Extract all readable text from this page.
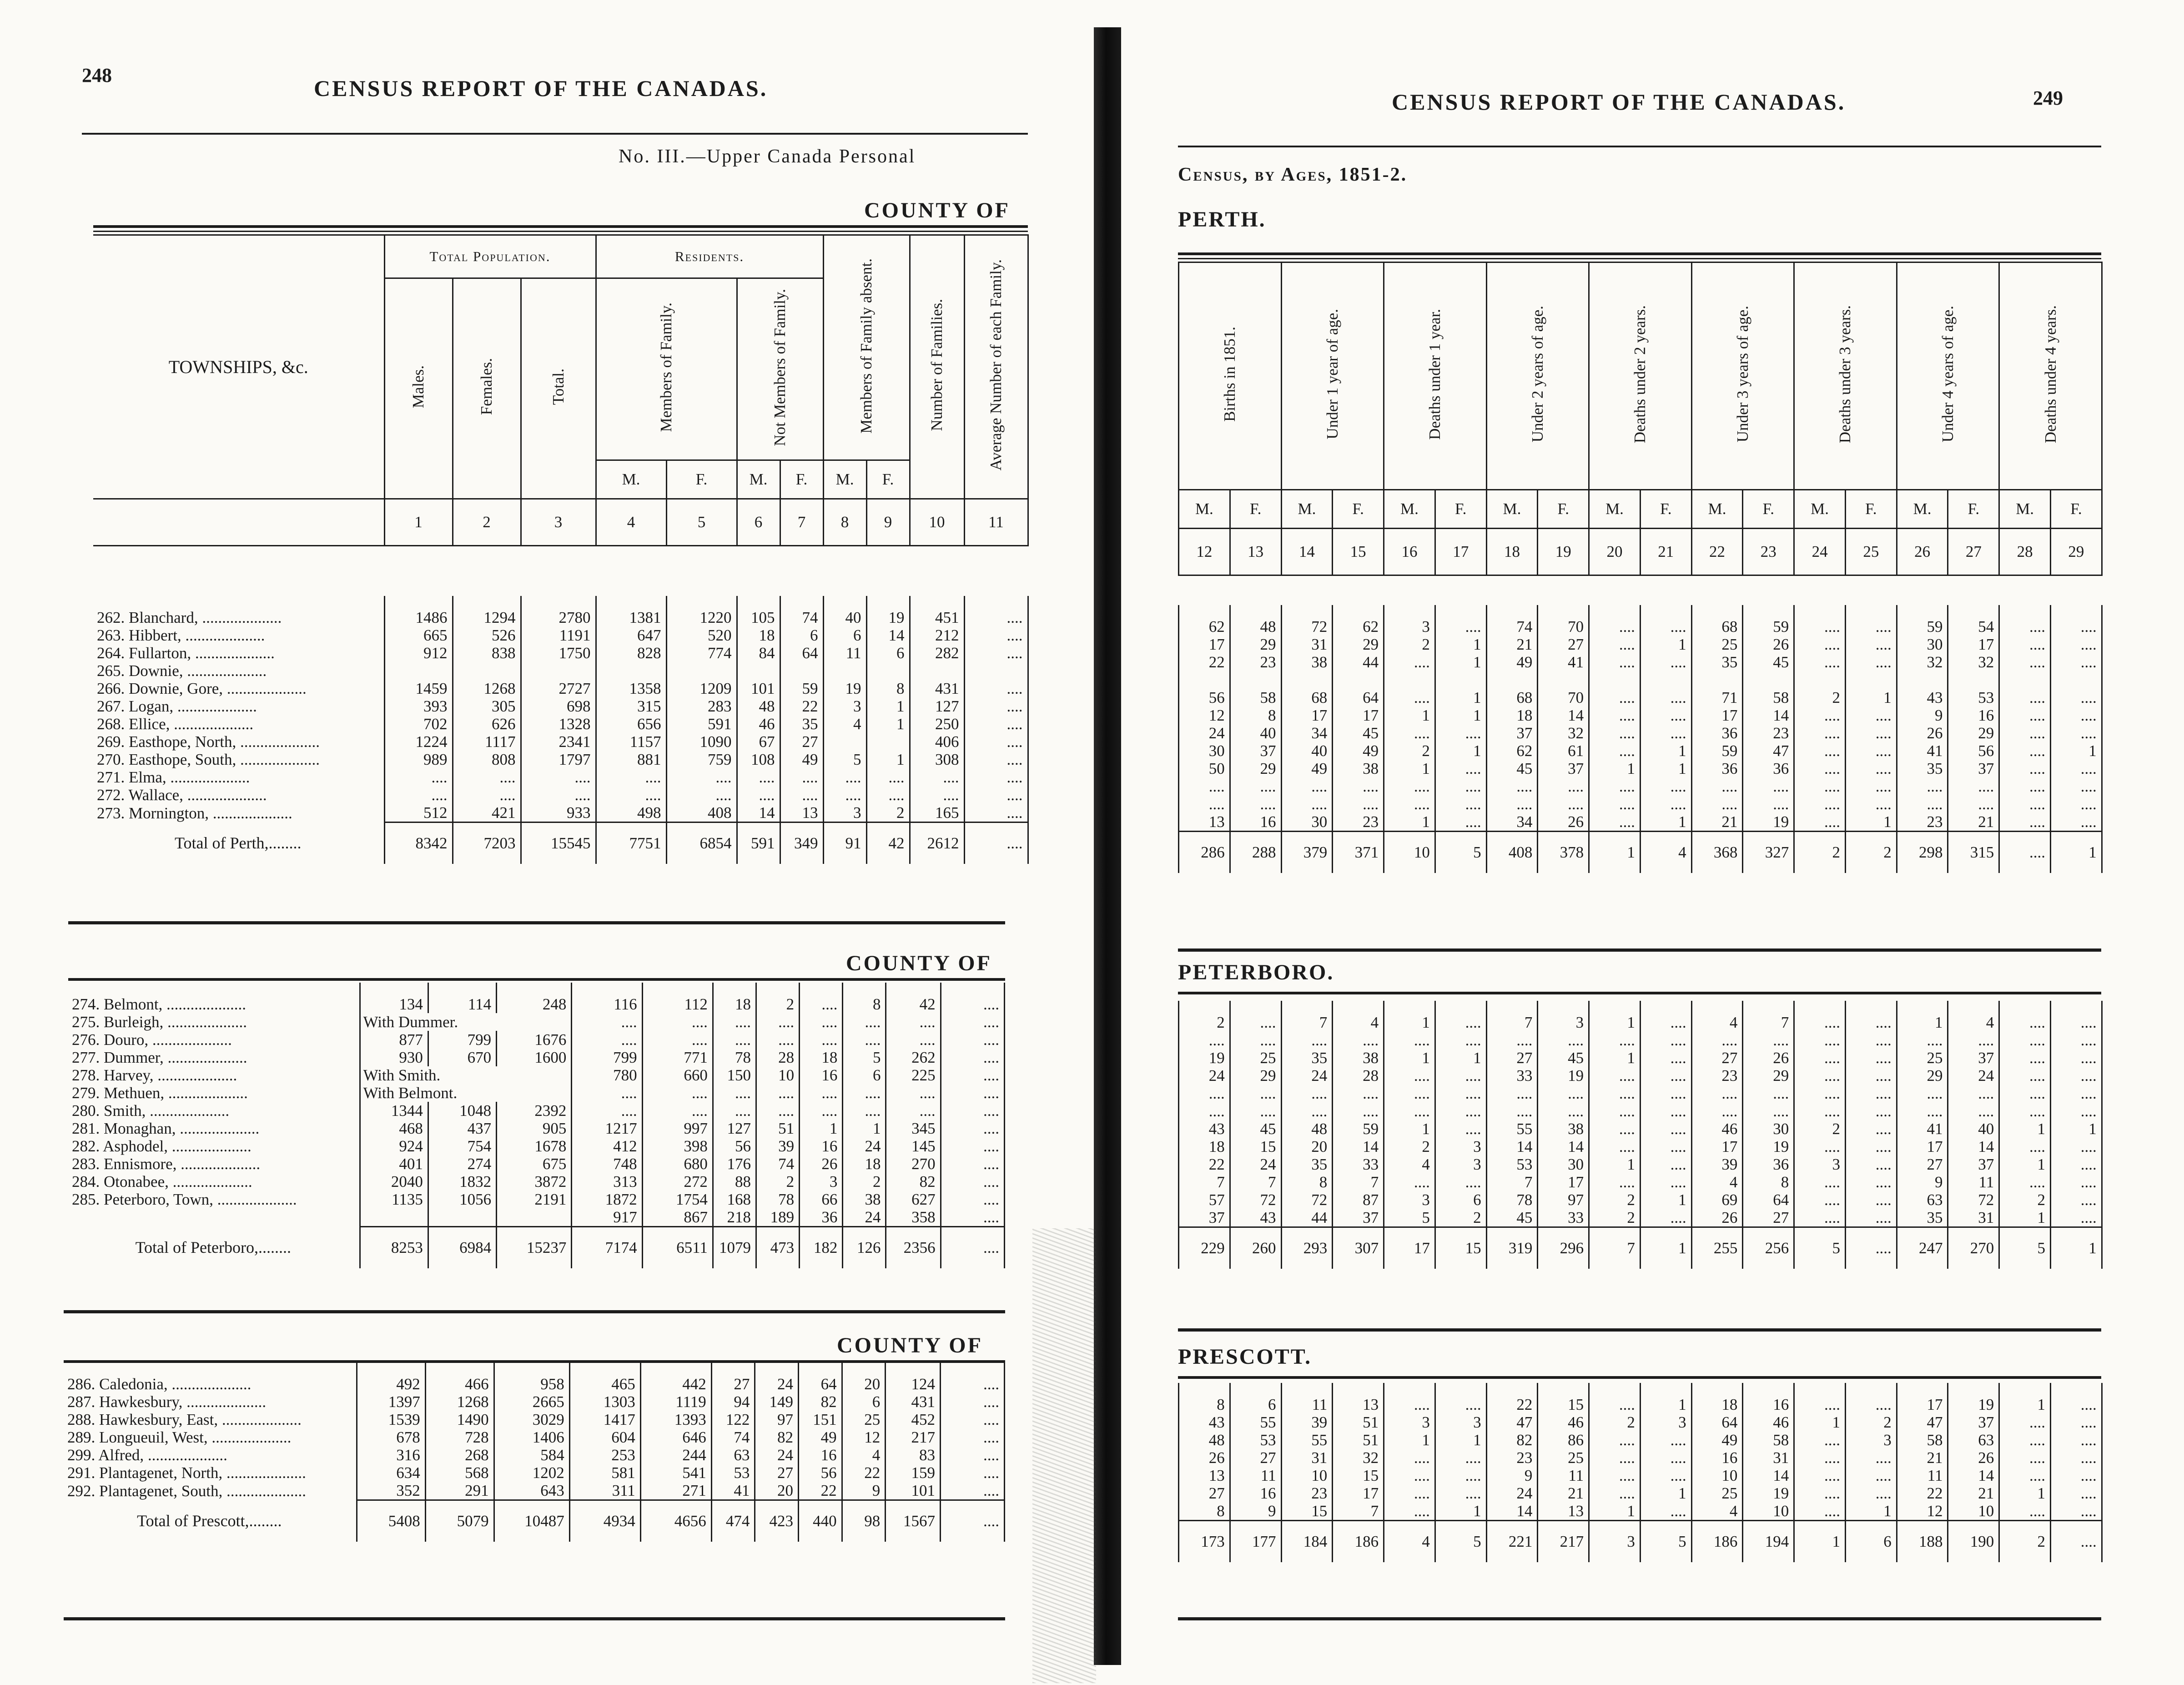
248
CENSUS REPORT OF THE CANADAS.
No. III.—Upper Canada Personal
COUNTY OF
TOWNSHIPS, &c.	Total Population.			Residents.				Members of Family absent.		Number of Families.	Average Number of each Family.
	Males.	Females.	Total.	Members of Family.		Not Members of Family.					
				M.	F.	M.	F.	M.	F.		
	1	2	3	4	5	6	7	8	9	10	11
262. Blanchard, ....................	1486	1294	2780	1381	1220	105	74	40	19	451	....
263. Hibbert, ....................	665	526	1191	647	520	18	6	6	14	212	....
264. Fullarton, ....................	912	838	1750	828	774	84	64	11	6	282	....
265. Downie, ....................											
266. Downie, Gore, ....................	1459	1268	2727	1358	1209	101	59	19	8	431	....
267. Logan, ....................	393	305	698	315	283	48	22	3	1	127	....
268. Ellice, ....................	702	626	1328	656	591	46	35	4	1	250	....
269. Easthope, North, ....................	1224	1117	2341	1157	1090	67	27			406	....
270. Easthope, South, ....................	989	808	1797	881	759	108	49	5	1	308	....
271. Elma, ....................	....	....	....	....	....	....	....	....	....	....	....
272. Wallace, ....................	....	....	....	....	....	....	....	....	....	....	....
273. Mornington, ....................	512	421	933	498	408	14	13	3	2	165	....
Total of Perth,........	8342	7203	15545	7751	6854	591	349	91	42	2612	....
COUNTY OF
274. Belmont, ....................	134	114	248	116	112	18	2	....	8	42	....
275. Burleigh, ....................	With Dummer.			....	....	....	....	....	....	....	....
276. Douro, ....................	877	799	1676	....	....	....	....	....	....	....	....
277. Dummer, ....................	930	670	1600	799	771	78	28	18	5	262	....
278. Harvey, ....................	With Smith.			780	660	150	10	16	6	225	....
279. Methuen, ....................	With Belmont.			....	....	....	....	....	....	....	....
280. Smith, ....................	1344	1048	2392	....	....	....	....	....	....	....	....
281. Monaghan, ....................	468	437	905	1217	997	127	51	1	1	345	....
282. Asphodel, ....................	924	754	1678	412	398	56	39	16	24	145	....
283. Ennismore, ....................	401	274	675	748	680	176	74	26	18	270	....
284. Otonabee, ....................	2040	1832	3872	313	272	88	2	3	2	82	....
285. Peterboro, Town, ....................	1135	1056	2191	1872	1754	168	78	66	38	627	....
				917	867	218	189	36	24	358	....
Total of Peterboro,........	8253	6984	15237	7174	6511	1079	473	182	126	2356	....
COUNTY OF
286. Caledonia, ....................	492	466	958	465	442	27	24	64	20	124	....
287. Hawkesbury, ....................	1397	1268	2665	1303	1119	94	149	82	6	431	....
288. Hawkesbury, East, ....................	1539	1490	3029	1417	1393	122	97	151	25	452	....
289. Longueuil, West, ....................	678	728	1406	604	646	74	82	49	12	217	....
299. Alfred, ....................	316	268	584	253	244	63	24	16	4	83	....
291. Plantagenet, North, ....................	634	568	1202	581	541	53	27	56	22	159	....
292. Plantagenet, South, ....................	352	291	643	311	271	41	20	22	9	101	....
Total of Prescott,........	5408	5079	10487	4934	4656	474	423	440	98	1567	....
CENSUS REPORT OF THE CANADAS.	249
Census, by Ages, 1851-2.
PERTH.
Births in 1851.		Under 1 year of age.		Deaths under 1 year.		Under 2 years of age.		Deaths under 2 years.		Under 3 years of age.		Deaths under 3 years.		Under 4 years of age.		Deaths under 4 years.	
M.	F.	M.	F.	M.	F.	M.	F.	M.	F.	M.	F.	M.	F.	M.	F.	M.	F.
12	13	14	15	16	17	18	19	20	21	22	23	24	25	26	27	28	29
62	48	72	62	3	....	74	70	....	....	68	59	....	....	59	54	....	....
17	29	31	29	2	1	21	27	....	1	25	26	....	....	30	17	....	....
22	23	38	44	....	1	49	41	....	....	35	45	....	....	32	32	....	....

56	58	68	64	....	1	68	70	....	....	71	58	2	1	43	53	....	....
12	8	17	17	1	1	18	14	....	....	17	14	....	....	9	16	....	....
24	40	34	45	....	....	37	32	....	....	36	23	....	....	26	29	....	....
30	37	40	49	2	1	62	61	....	1	59	47	....	....	41	56	....	1
50	29	49	38	1	....	45	37	1	1	36	36	....	....	35	37	....	....
....	....	....	....	....	....	....	....	....	....	....	....	....	....	....	....	....	....
....	....	....	....	....	....	....	....	....	....	....	....	....	....	....	....	....	....
13	16	30	23	1	....	34	26	....	1	21	19	....	1	23	21	....	....
286	288	379	371	10	5	408	378	1	4	368	327	2	2	298	315	....	1
PETERBORO.
2	....	7	4	1	....	7	3	1	....	4	7	....	....	1	4	....	....
....	....	....	....	....	....	....	....	....	....	....	....	....	....	....	....	....	....
19	25	35	38	1	1	27	45	1	....	27	26	....	....	25	37	....	....
24	29	24	28	....	....	33	19	....	....	23	29	....	....	29	24	....	....
....	....	....	....	....	....	....	....	....	....	....	....	....	....	....	....	....	....
....	....	....	....	....	....	....	....	....	....	....	....	....	....	....	....	....	....
43	45	48	59	1	....	55	38	....	....	46	30	2	....	41	40	1	1
18	15	20	14	2	3	14	14	....	....	17	19	....	....	17	14	....	....
22	24	35	33	4	3	53	30	1	....	39	36	3	....	27	37	1	....
7	7	8	7	....	....	7	17	....	....	4	8	....	....	9	11	....	....
57	72	72	87	3	6	78	97	2	1	69	64	....	....	63	72	2	....
37	43	44	37	5	2	45	33	2	....	26	27	....	....	35	31	1	....
229	260	293	307	17	15	319	296	7	1	255	256	5	....	247	270	5	1
PRESCOTT.
8	6	11	13	....	....	22	15	....	1	18	16	....	....	17	19	1	....
43	55	39	51	3	3	47	46	2	3	64	46	1	2	47	37	....	....
48	53	55	51	1	1	82	86	....	....	49	58	....	3	58	63	....	....
26	27	31	32	....	....	23	25	....	....	16	31	....	....	21	26	....	....
13	11	10	15	....	....	9	11	....	....	10	14	....	....	11	14	....	....
27	16	23	17	....	....	24	21	....	1	25	19	....	....	22	21	1	....
8	9	15	7	....	1	14	13	1	....	4	10	....	1	12	10	....	....
173	177	184	186	4	5	221	217	3	5	186	194	1	6	188	190	2	....
